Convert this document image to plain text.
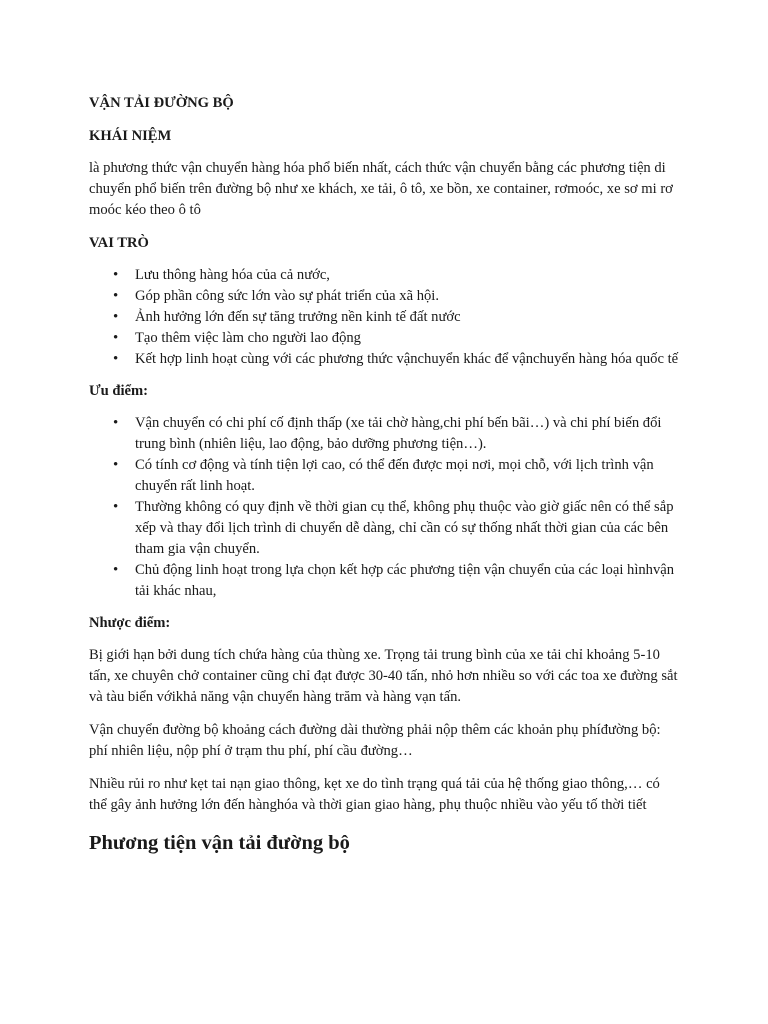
VẬN TẢI ĐƯỜNG BỘ
KHÁI NIỆM

là phương thức vận chuyển hàng hóa phổ biến nhất, cách thức vận chuyển bằng các phương tiện di chuyển phổ biến trên đường bộ như xe khách, xe tải, ô tô, xe bồn, xe container, rơmoóc, xe sơ mi rơ moóc kéo theo ô tô

VAI TRÒ
• Lưu thông hàng hóa của cả nước,
• Góp phần công sức lớn vào sự phát triển của xã hội.
• Ảnh hưởng lớn đến sự tăng trưởng nền kinh tế đất nước
• Tạo thêm việc làm cho người lao động
• Kết hợp linh hoạt cùng với các phương thức vậnchuyển khác để vậnchuyển hàng hóa quốc tế
Ưu điểm:
• Vận chuyển có chi phí cố định thấp (xe tải chờ hàng,chi phí bến bãi…) và chi phí biến đổi trung bình (nhiên liệu, lao động, bảo dưỡng phương tiện…).
• Có tính cơ động và tính tiện lợi cao, có thể đến được mọi nơi, mọi chỗ, với lịch trình vận chuyển rất linh hoạt.
• Thường không có quy định về thời gian cụ thể, không phụ thuộc vào giờ giấc nên có thể sắp xếp và thay đổi lịch trình di chuyển dễ dàng, chỉ cần có sự thống nhất thời gian của các bên tham gia vận chuyển.
• Chủ động linh hoạt trong lựa chọn kết hợp các phương tiện vận chuyển của các loại hìnhvận tải khác nhau,
Nhược điểm:

Bị giới hạn bởi dung tích chứa hàng của thùng xe. Trọng tải trung bình của xe tải chỉ khoảng 5-10 tấn, xe chuyên chở container cũng chỉ đạt được 30-40 tấn, nhỏ hơn nhiều so với các toa xe đường sắt và tàu biển vớikhả năng vận chuyển hàng trăm và hàng vạn tấn.

Vận chuyển đường bộ khoảng cách đường dài thường phải nộp thêm các khoản phụ phíđường bộ: phí nhiên liệu, nộp phí ở trạm thu phí, phí cầu đường…

Nhiều rủi ro như kẹt tai nạn giao thông, kẹt xe do tình trạng quá tải của hệ thống giao thông,… có thể gây ảnh hưởng lớn đến hànghóa và thời gian giao hàng, phụ thuộc nhiều vào yếu tố thời tiết

Phương tiện vận tải đường bộ
